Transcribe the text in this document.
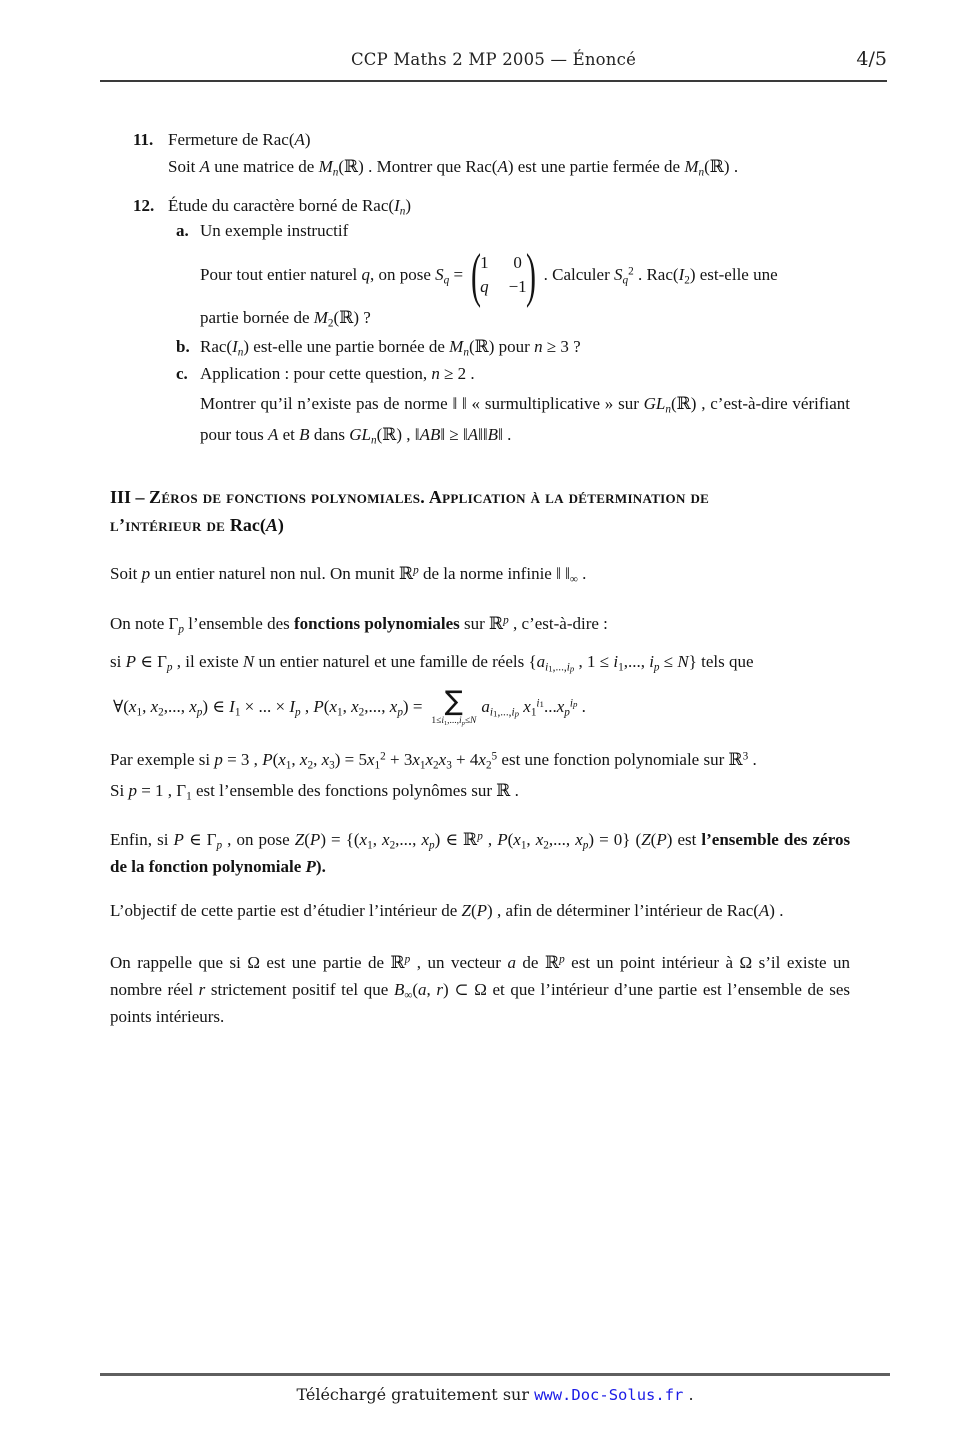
CCP Maths 2 MP 2005 — Énoncé	4/5
11. Fermeture de Rac(A)
Soit A une matrice de $M_n(ℝ)$ . Montrer que Rac(A) est une partie fermée de $M_n(ℝ)$ .
12. Étude du caractère borné de $Rac(I_n)$
a. Un exemple instructif
Pour tout entier naturel q, on pose $S_q$ = (
1 0
q −1
) . Calculer $S_q^2$ . $Rac(I_2)$ est-elle une
partie bornée de $M_2(ℝ)$ ?
b. $Rac(I_n)$ est-elle une partie bornée de $M_n(ℝ)$ pour n ≥ 3 ?
c. Application : pour cette question, n ≥ 2 .
Montrer qu’il n’existe pas de norme ‖ ‖ « surmultiplicative » sur $GL_n(ℝ)$ , c’est-à-dire vérifiant pour tous A et B dans $GL_n(ℝ)$ , ‖AB‖ ≥ ‖A‖‖B‖ .
III – Zéros de fonctions polynomiales. Application à la détermination de
l’intérieur de Rac(A)
Soit p un entier naturel non nul. On munit ℝ$^p$ de la norme infinie ‖ $‖_\infty$ .
On note $\Gamma_p$ l’ensemble des fonctions polynomiales sur ℝ$^p$ , c’est-à-dire :
si P ∈ $\Gamma_p$ , il existe N un entier naturel et une famille de réels {$a_{i1,...,ip}$ , $1 \le i_1$,..., $i_p \le N$} tels que
$\forall(x_1$, $x_2$,..., $x_p$) ∈ $I_1$ × ... × $I_p$ , $P(x_1$, $x_2$,..., $x_p$) = ∑
$1\le i_1,...,i_p\le N$
$a_{i1,...,ip}$ $x_1^{i1}...x_p^{ip}$ .
Par exemple si p = 3 , $P(x_1$, $x_2$, $x_3) = 5x_1^2 + 3x_1x_2x_3 + 4x_2^5$ est une fonction polynomiale sur ℝ$^3$ .
Si p = 1 , $\Gamma_1$ est l’ensemble des fonctions polynômes sur ℝ .
Enfin, si P ∈ $\Gamma_p$ , on pose $Z(P) = \{(x_1$, $x_2$,..., $x_p$) ∈ ℝ$^p$ , $P(x_1$, $x_2$,..., $x_p) = 0$} (Z(P) est l’ensemble des zéros de la fonction polynomiale P).
L’objectif de cette partie est d’étudier l’intérieur de Z(P) , afin de déterminer l’intérieur de Rac(A) .
On rappelle que si Ω est une partie de ℝ$^p$ , un vecteur a de ℝ$^p$ est un point intérieur à Ω s’il existe un nombre réel r strictement positif tel que $B_\infty(a$, r) ⊂ Ω et que l’intérieur d’une partie est l’ensemble de ses points intérieurs.
Téléchargé gratuitement sur www.Doc-Solus.fr .
